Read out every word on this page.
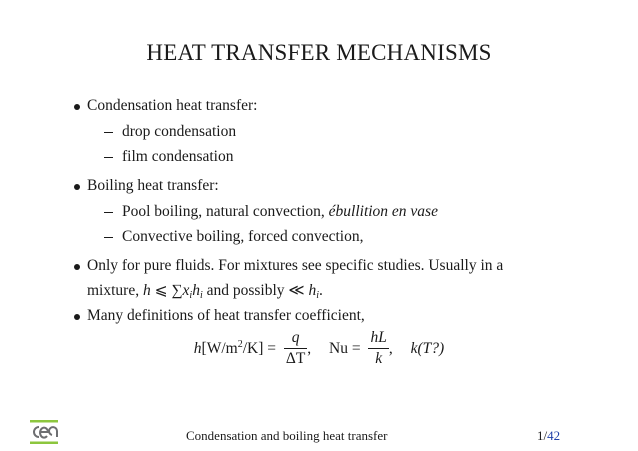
HEAT TRANSFER MECHANISMS
Condensation heat transfer:
drop condensation
film condensation
Boiling heat transfer:
Pool boiling, natural convection, ébullition en vase
Convective boiling, forced convection,
Only for pure fluids. For mixtures see specific studies. Usually in a
mixture, h ⩽ $\sum x_ih_i$ and possibly ≪ $h_i$.
Many definitions of heat transfer coefficient,
$h[W/m^2/K] = \frac{q}{\Delta T}$ , $Nu = \frac{hL}{k}$ , k(T?)
Condensation and boiling heat transfer	1/42
